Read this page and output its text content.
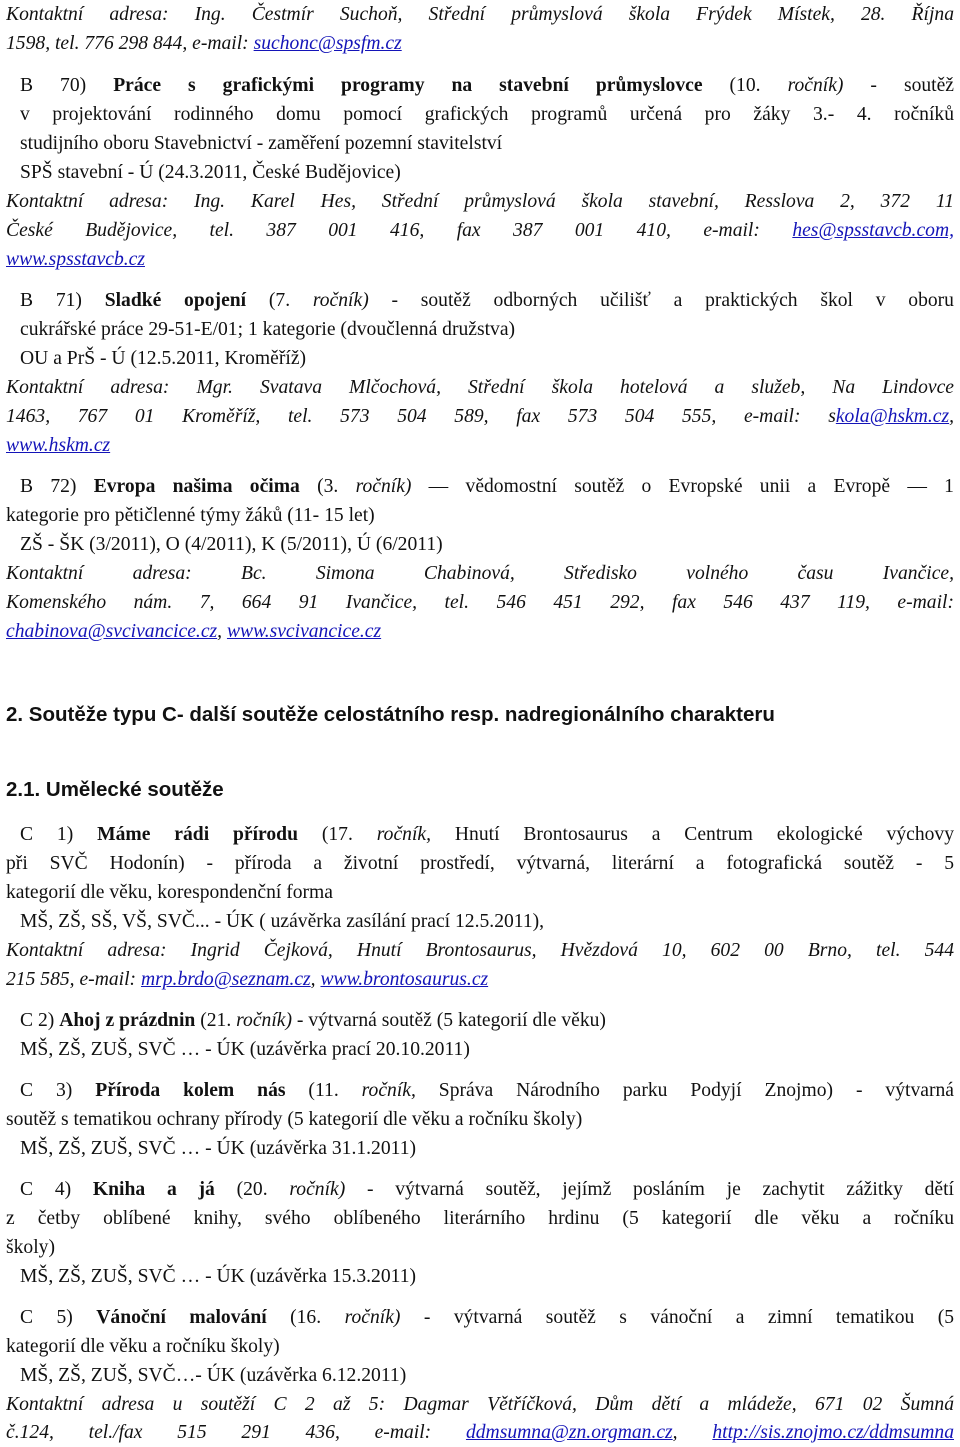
Kontaktní adresa: Ing. Čestmír Suchoň, Střední průmyslová škola Frýdek Místek, 28. Října
1598, tel. 776 298 844, e-mail: suchonc@spsfm.cz
B 70) Práce s grafickými programy na stavební průmyslovce (10. ročník) - soutěž
v projektování rodinného domu pomocí grafických programů určená pro žáky 3.- 4. ročníků
studijního oboru Stavebnictví - zaměření pozemní stavitelství
SPŠ stavební - Ú (24.3.2011, České Budějovice)
Kontaktní adresa: Ing. Karel Hes, Střední průmyslová škola stavební, Resslova 2, 372 11
České Budějovice, tel. 387 001 416, fax 387 001 410, e-mail: hes@spsstavcb.com,
www.spsstavcb.cz
B 71) Sladké opojení (7. ročník) - soutěž odborných učilišť a praktických škol v oboru
cukrářské práce 29-51-E/01; 1 kategorie (dvoučlenná družstva)
OU a PrŠ - Ú (12.5.2011, Kroměříž)
Kontaktní adresa: Mgr. Svatava Mlčochová, Střední škola hotelová a služeb, Na Lindovce
1463, 767 01 Kroměříž, tel. 573 504 589, fax 573 504 555, e-mail: skola@hskm.cz,
www.hskm.cz
B 72) Evropa našima očima (3. ročník) — vědomostní soutěž o Evropské unii a Evropě — 1
kategorie pro pětičlenné týmy žáků (11- 15 let)
ZŠ - ŠK (3/2011), O (4/2011), K (5/2011), Ú (6/2011)
Kontaktní adresa: Bc. Simona Chabinová, Středisko volného času Ivančice,
Komenského nám. 7, 664 91 Ivančice, tel. 546 451 292, fax 546 437 119, e-mail:
chabinova@svcivancice.cz, www.svcivancice.cz
2. Soutěže typu C- další soutěže celostátního resp. nadregionálního charakteru
2.1. Umělecké soutěže
C 1) Máme rádi přírodu (17. ročník, Hnutí Brontosaurus a Centrum ekologické výchovy
při SVČ Hodonín) - příroda a životní prostředí, výtvarná, literární a fotografická soutěž - 5
kategorií dle věku, korespondenční forma
MŠ, ZŠ, SŠ, VŠ, SVČ... - ÚK ( uzávěrka zasílání prací 12.5.2011),
Kontaktní adresa: Ingrid Čejková, Hnutí Brontosaurus, Hvězdová 10, 602 00 Brno, tel. 544
215 585, e-mail: mrp.brdo@seznam.cz, www.brontosaurus.cz
C 2) Ahoj z prázdnin (21. ročník) - výtvarná soutěž (5 kategorií dle věku)
MŠ, ZŠ, ZUŠ, SVČ … - ÚK (uzávěrka prací 20.10.2011)
C 3) Příroda kolem nás (11. ročník, Správa Národního parku Podyjí Znojmo) - výtvarná
soutěž s tematikou ochrany přírody (5 kategorií dle věku a ročníku školy)
MŠ, ZŠ, ZUŠ, SVČ … - ÚK (uzávěrka 31.1.2011)
C 4) Kniha a já (20. ročník) - výtvarná soutěž, jejímž posláním je zachytit zážitky dětí
z četby oblíbené knihy, svého oblíbeného literárního hrdinu (5 kategorií dle věku a ročníku
školy)
MŠ, ZŠ, ZUŠ, SVČ … - ÚK (uzávěrka 15.3.2011)
C 5) Vánoční malování (16. ročník) - výtvarná soutěž s vánoční a zimní tematikou (5
kategorií dle věku a ročníku školy)
MŠ, ZŠ, ZUŠ, SVČ…- ÚK (uzávěrka 6.12.2011)
Kontaktní adresa u soutěží C 2 až 5: Dagmar Větříčková, Dům dětí a mládeže, 671 02 Šumná
č.124, tel./fax 515 291 436, e-mail: ddmsumna@zn.orgman.cz, http://sis.znojmo.cz/ddmsumna
